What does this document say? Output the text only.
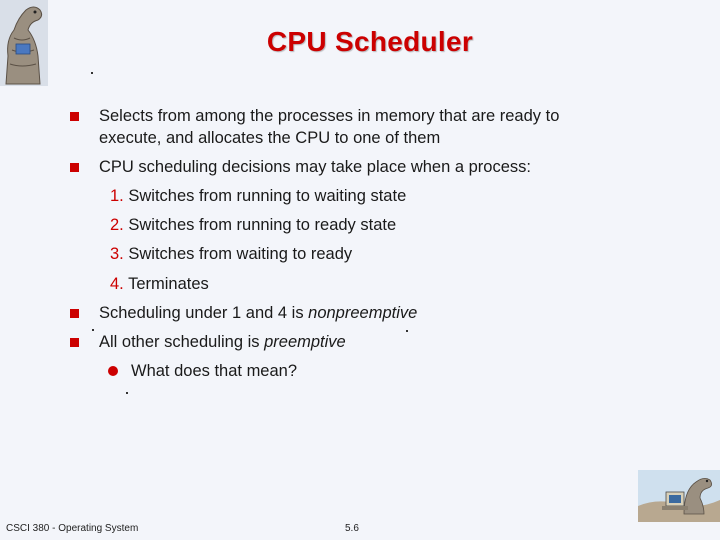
CPU Scheduler
Selects from among the processes in memory that are ready to execute, and allocates the CPU to one of them
CPU scheduling decisions may take place when a process:
1. Switches from running to waiting state
2. Switches from running to ready state
3. Switches from waiting to ready
4. Terminates
Scheduling under 1 and 4 is nonpreemptive
All other scheduling is preemptive
What does that mean?
CSCI 380 - Operating System	5.6
